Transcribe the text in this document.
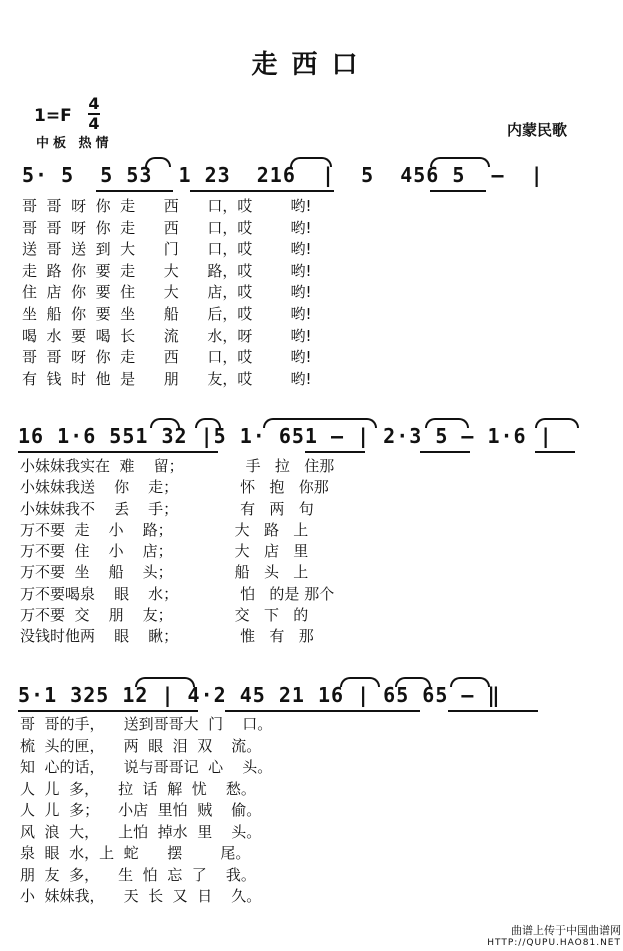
走西口
1=F
4
4
中板 热情
内蒙民歌
5· 5  5 53  1 23  216  |  5  456 5  –  |
哥  哥  呀  你  走      西      口，哎        哟!
哥  哥  呀  你  走      西      口，哎        哟!
送  哥  送  到  大      门      口，哎        哟!
走  路  你  要  走      大      路，哎        哟!
住  店  你  要  住      大      店，哎        哟!
坐  船  你  要  坐      船      后，哎        哟!
喝  水  要  喝  长      流      水，呀        哟!
哥  哥  呀  你  走      西      口，哎        哟!
有  钱  时  他  是      朋      友，哎        哟!
16 1·6 551 32 |5 1· 651 – | 2·3 5 – 1·6 |
小妹妹我实在  难    留；             手   拉   住那
小妹妹我送    你    走；             怀   抱   你那
小妹妹我不    丢    手；             有   两   句
万不要  走    小    路；             大   路   上
万不要  住    小    店；             大   店   里
万不要  坐    船    头；             船   头   上
万不要喝泉    眼    水；             怕   的是 那个
万不要  交    朋    友；             交   下   的
没钱时他两    眼    瞅；             惟   有   那
5·1 325 12 | 4·2 45 21 16 | 65 65 – ‖
哥  哥的手，    送到哥哥大  门    口。
梳  头的匣，    两  眼  泪  双    流。
知  心的话，    说与哥哥记  心    头。
人  儿  多，    拉  话  解  忧    愁。
人  儿  多；    小店  里怕  贼    偷。
风  浪  大，    上怕  掉水  里    头。
泉  眼  水，上  蛇      摆        尾。
朋  友  多，    生  怕  忘  了    我。
小  妹妹我，    天  长  又  日    久。
曲谱上传于中国曲谱网
HTTP://QUPU.HAO81.NET
